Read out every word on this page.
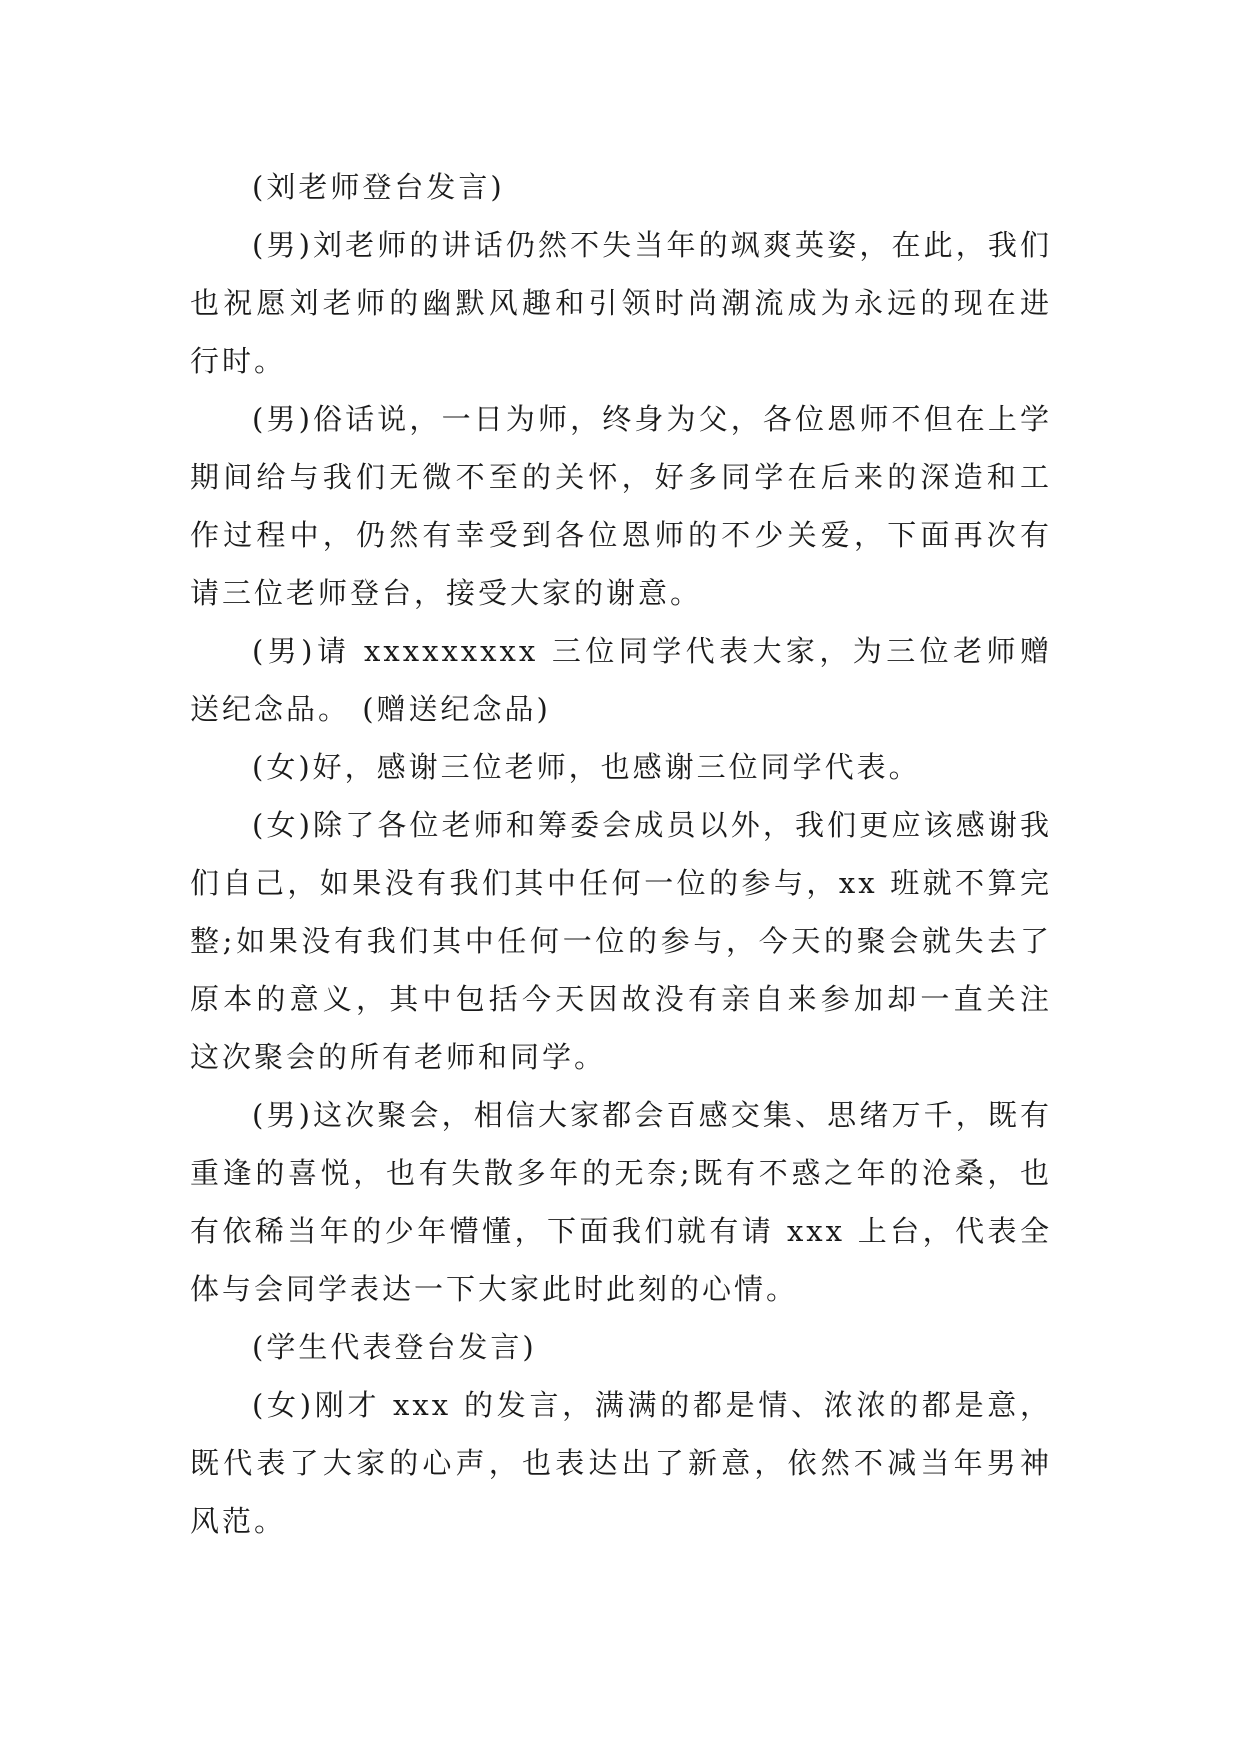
(刘老师登台发言)

(男)刘老师的讲话仍然不失当年的飒爽英姿，在此，我们也祝愿刘老师的幽默风趣和引领时尚潮流成为永远的现在进行时。

(男)俗话说，一日为师，终身为父，各位恩师不但在上学期间给与我们无微不至的关怀，好多同学在后来的深造和工作过程中，仍然有幸受到各位恩师的不少关爱，下面再次有请三位老师登台，接受大家的谢意。

(男)请 xxxxxxxxx 三位同学代表大家，为三位老师赠送纪念品。 (赠送纪念品)

(女)好，感谢三位老师，也感谢三位同学代表。

(女)除了各位老师和筹委会成员以外，我们更应该感谢我们自己，如果没有我们其中任何一位的参与，xx 班就不算完整;如果没有我们其中任何一位的参与，今天的聚会就失去了原本的意义，其中包括今天因故没有亲自来参加却一直关注这次聚会的所有老师和同学。

(男)这次聚会，相信大家都会百感交集、思绪万千，既有重逢的喜悦，也有失散多年的无奈;既有不惑之年的沧桑，也有依稀当年的少年懵懂，下面我们就有请 xxx 上台，代表全体与会同学表达一下大家此时此刻的心情。

(学生代表登台发言)

(女)刚才 xxx 的发言，满满的都是情、浓浓的都是意，既代表了大家的心声，也表达出了新意，依然不减当年男神风范。
